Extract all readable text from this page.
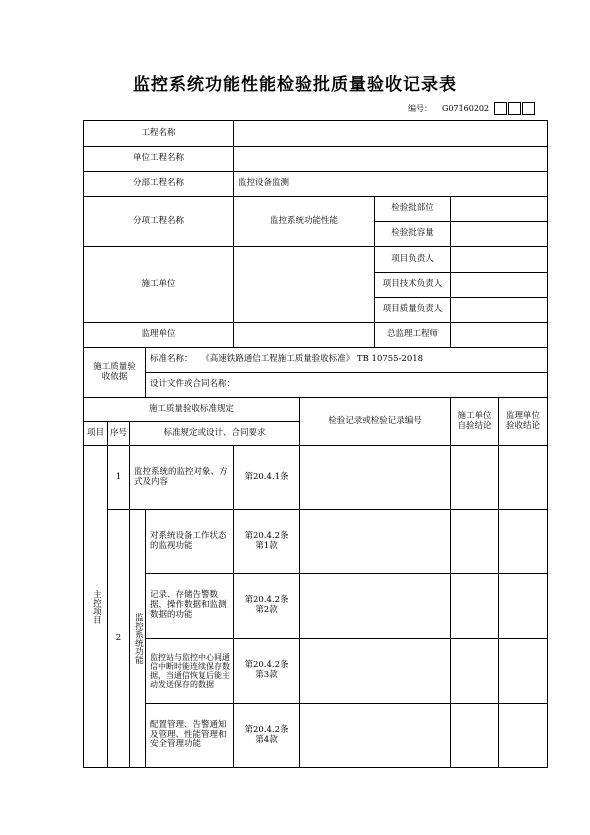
监控系统功能性能检验批质量验收记录表
编号： G07160202
工程名称								
单位工程名称								
分部工程名称				监控设备监测				
分项工程名称				监控系统功能性能		检验批部位		
						检验批容量		
施工单位						项目负责人		
						项目技术负责人		
						项目质量负责人		
监理单位						总监理工程师		

施工质量验收依据			标准名称： 《高速铁路通信工程施工质量验收标准》 TB 10755-2018					
			设计文件或合同名称：					
施工质量验收标准规定					检验记录或检验记录编号		施工单位自验结论	监理单位验收结论

项目	序号	标准规定或设计、合同要求						

主控项目	1	监控系统的监控对象、方式及内容		第20.4.1条				
	2	监控系统功能	对系统设备工作状态的监视功能	第20.4.2条
第1款				

			记录、存储告警数据，操作数据和监测数据的功能	第20.4.2条
第2款				

			监控站与监控中心间通信中断时能连续保存数据，当通信恢复后能主动发送保存的数据	第20.4.2条
第3款				

			配置管理、告警通知及管理、性能管理和安全管理功能	第20.4.2条
第4款				
